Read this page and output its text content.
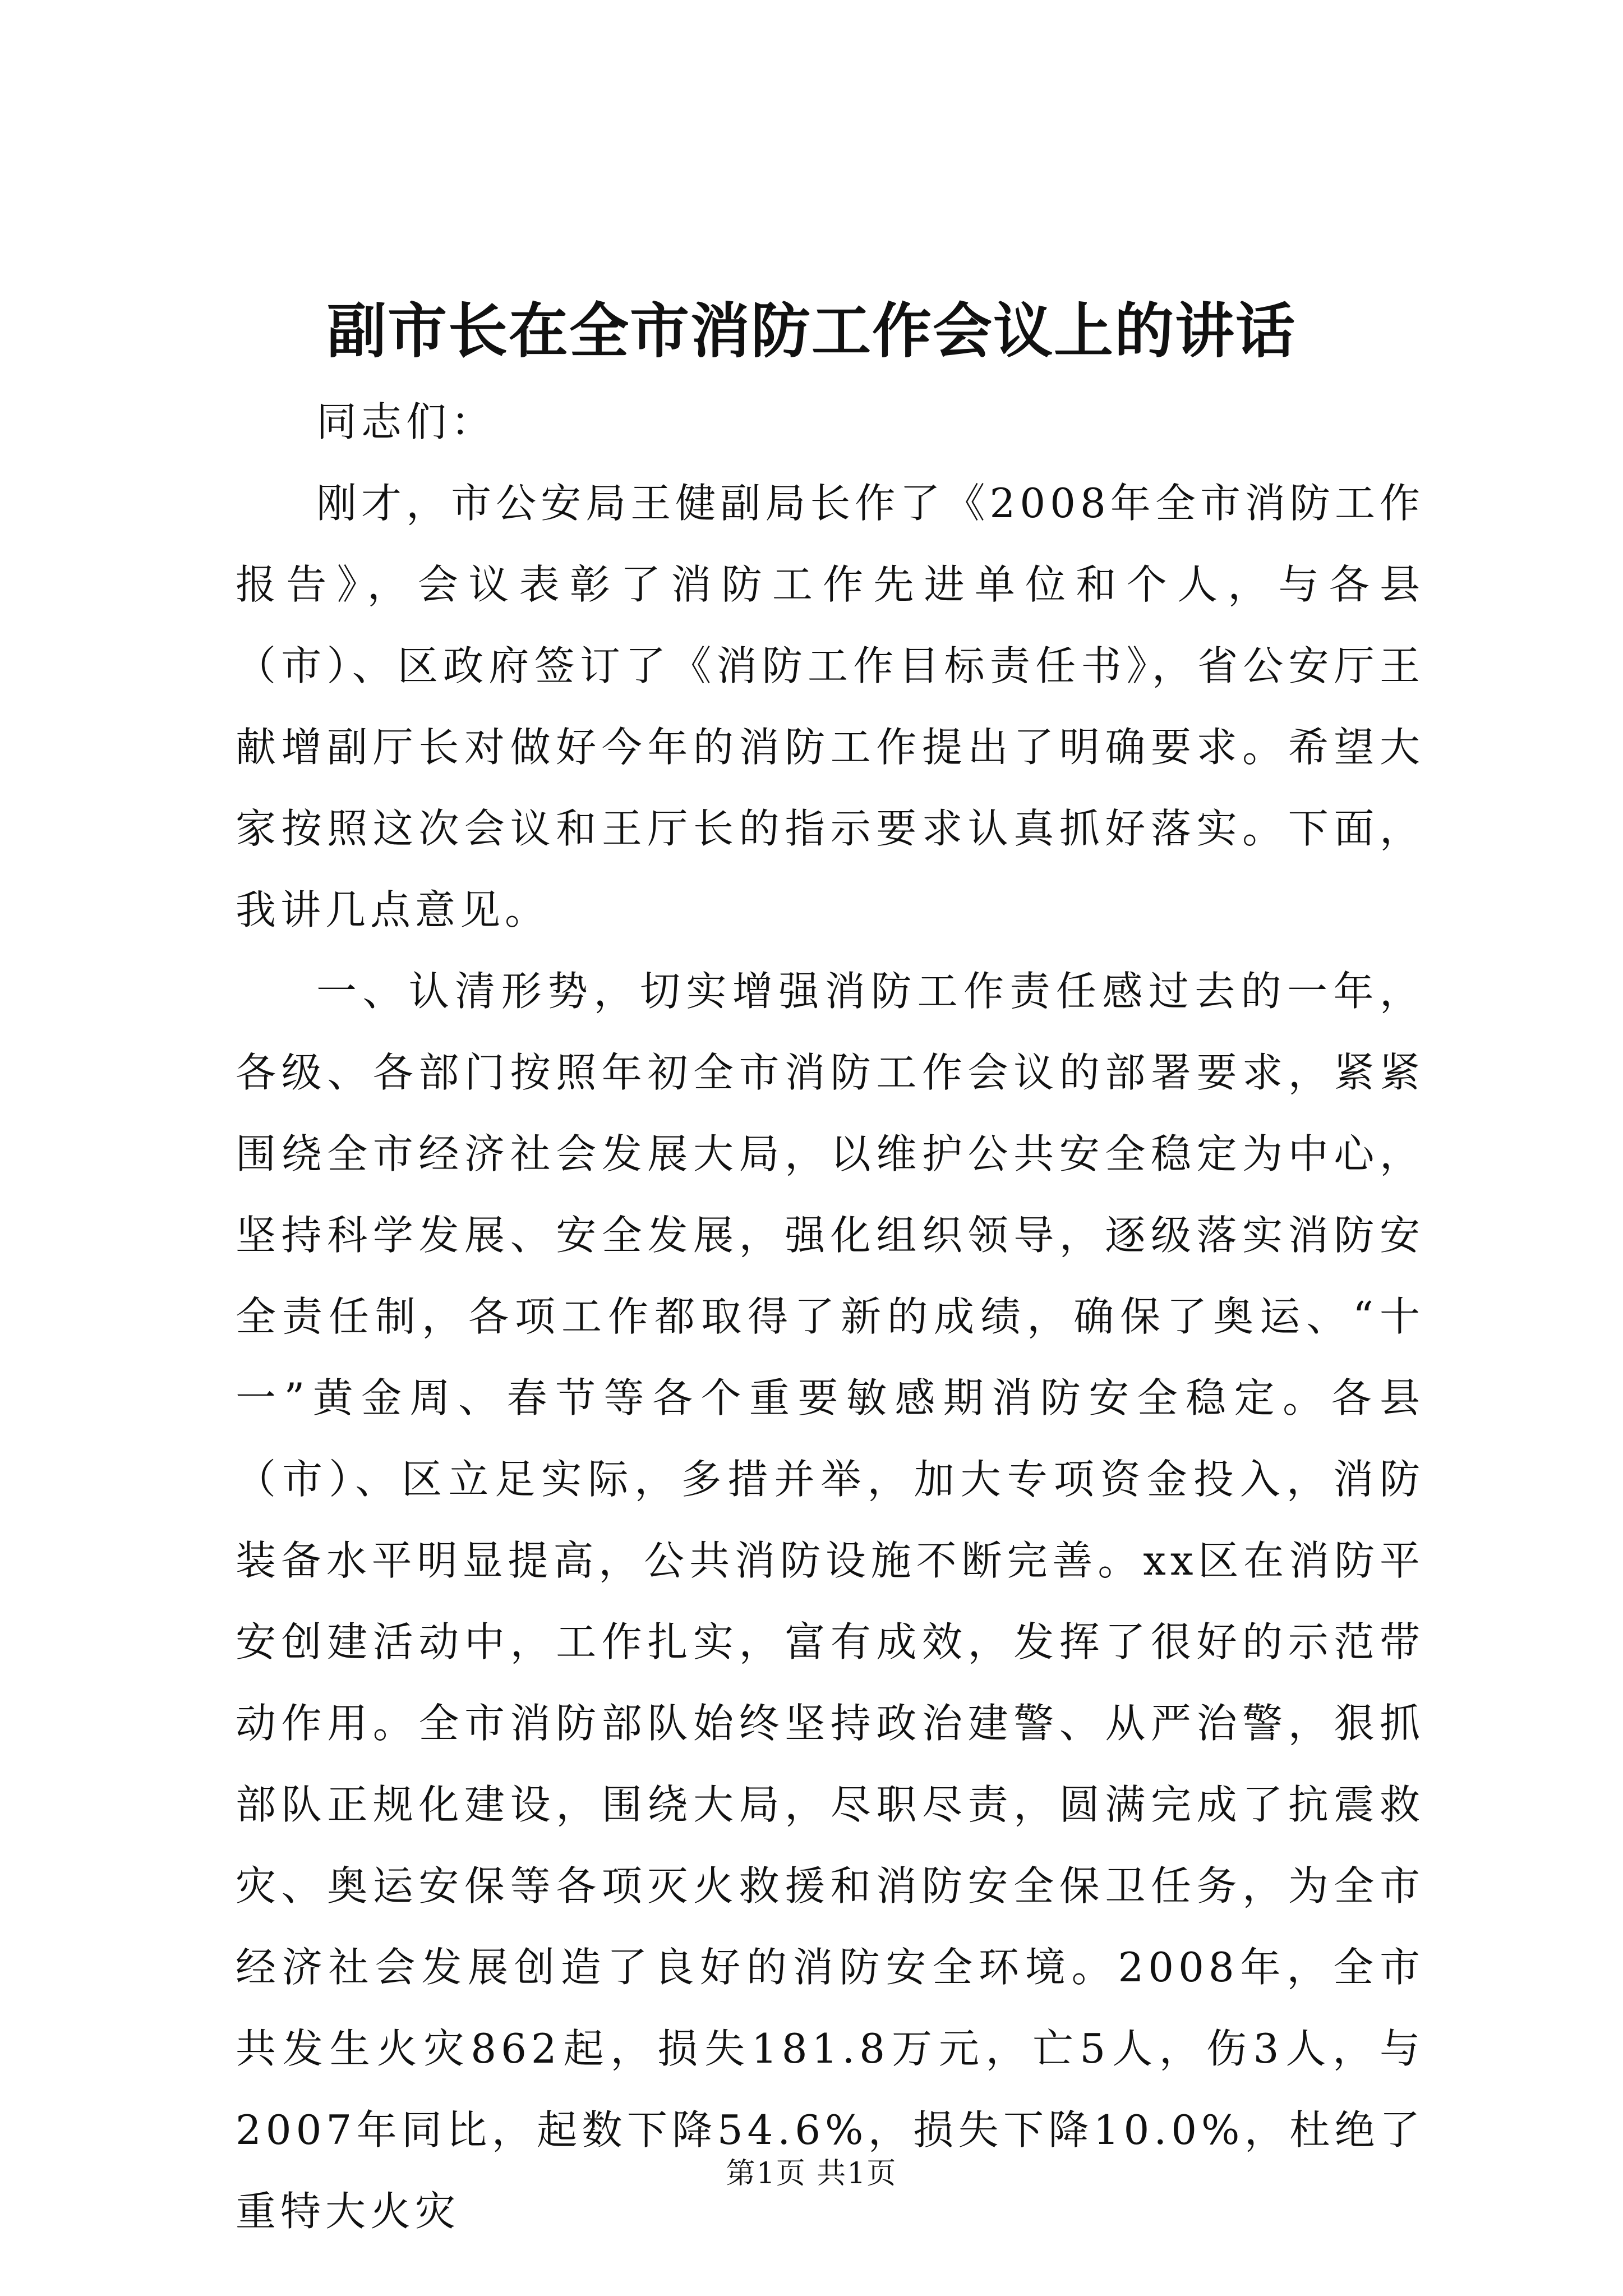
副市长在全市消防工作会议上的讲话

同志们：

刚才，市公安局王健副局长作了《2008年全市消防工作报告》，会议表彰了消防工作先进单位和个人，与各县（市）、区政府签订了《消防工作目标责任书》，省公安厅王献增副厅长对做好今年的消防工作提出了明确要求。希望大家按照这次会议和王厅长的指示要求认真抓好落实。下面，我讲几点意见。

一、认清形势，切实增强消防工作责任感过去的一年，各级、各部门按照年初全市消防工作会议的部署要求，紧紧围绕全市经济社会发展大局，以维护公共安全稳定为中心，坚持科学发展、安全发展，强化组织领导，逐级落实消防安全责任制，各项工作都取得了新的成绩，确保了奥运、“十一”黄金周、春节等各个重要敏感期消防安全稳定。各县（市）、区立足实际，多措并举，加大专项资金投入，消防装备水平明显提高，公共消防设施不断完善。xx区在消防平安创建活动中，工作扎实，富有成效，发挥了很好的示范带动作用。全市消防部队始终坚持政治建警、从严治警，狠抓部队正规化建设，围绕大局，尽职尽责，圆满完成了抗震救灾、奥运安保等各项灭火救援和消防安全保卫任务，为全市经济社会发展创造了良好的消防安全环境。2008年，全市共发生火灾862起，损失181.8万元，亡5人，伤3人，与2007年同比，起数下降54.6%，损失下降10.0%，杜绝了重特大火灾

第1页 共1页
